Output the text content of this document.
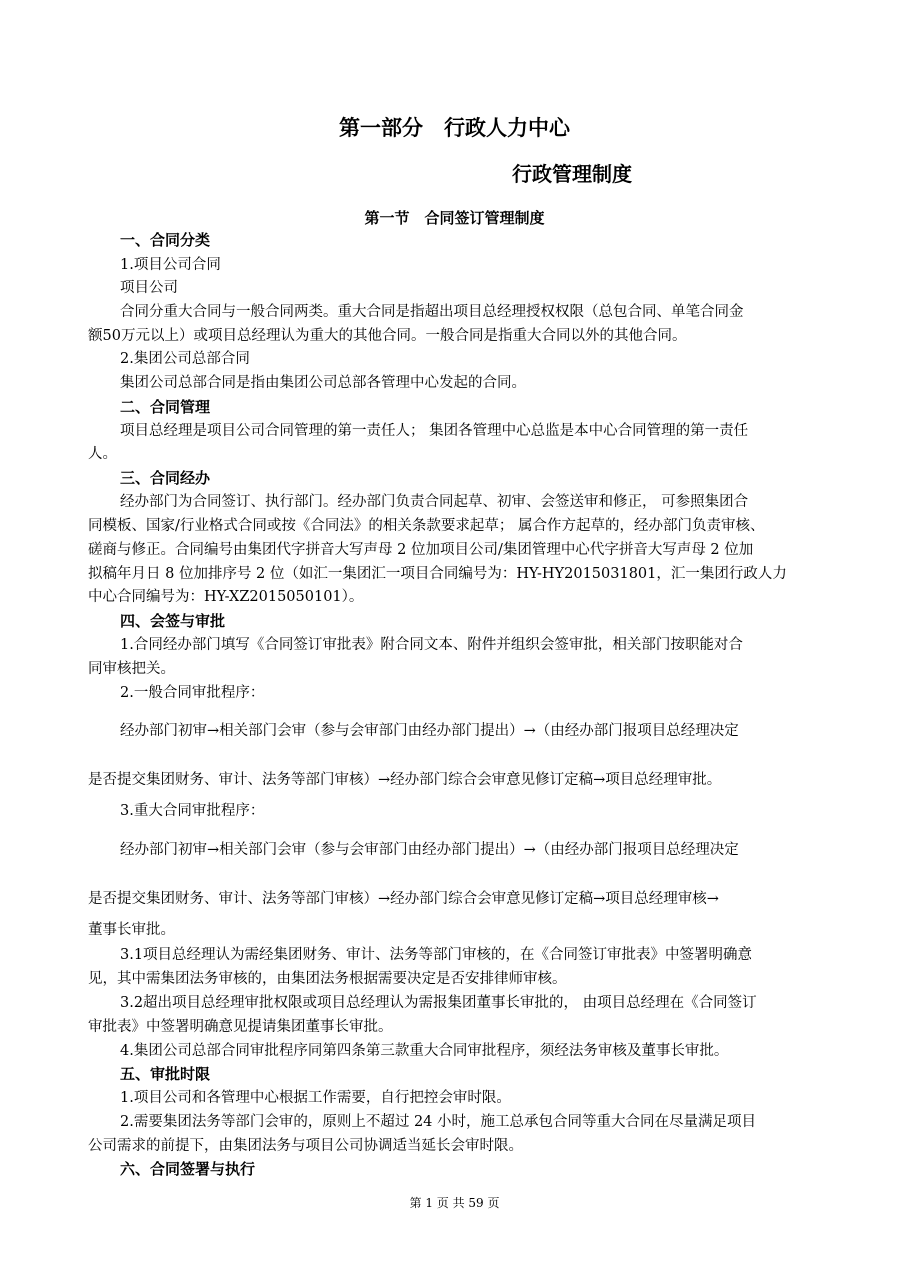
第一部分　行政人力中心
行政管理制度
第一节　合同签订管理制度
一、合同分类
1.项目公司合同
项目公司
合同分重大合同与一般合同两类。重大合同是指超出项目总经理授权权限（总包合同、单笔合同金
额50万元以上）或项目总经理认为重大的其他合同。一般合同是指重大合同以外的其他合同。
2.集团公司总部合同
集团公司总部合同是指由集团公司总部各管理中心发起的合同。
二、合同管理
项目总经理是项目公司合同管理的第一责任人； 集团各管理中心总监是本中心合同管理的第一责任
人。
三、合同经办
经办部门为合同签订、执行部门。经办部门负责合同起草、初审、会签送审和修正， 可参照集团合
同模板、国家/行业格式合同或按《合同法》的相关条款要求起草； 属合作方起草的，经办部门负责审核、
磋商与修正。合同编号由集团代字拼音大写声母 2 位加项目公司/集团管理中心代字拼音大写声母 2 位加
拟稿年月日 8 位加排序号 2 位（如汇一集团汇一项目合同编号为：HY-HY2015031801，汇一集团行政人力
中心合同编号为：HY-XZ2015050101）。
四、会签与审批
1.合同经办部门填写《合同签订审批表》附合同文本、附件并组织会签审批，相关部门按职能对合
同审核把关。
2.一般合同审批程序：
经办部门初审→相关部门会审（参与会审部门由经办部门提出）→（由经办部门报项目总经理决定
是否提交集团财务、审计、法务等部门审核）→经办部门综合会审意见修订定稿→项目总经理审批。
3.重大合同审批程序：
经办部门初审→相关部门会审（参与会审部门由经办部门提出）→（由经办部门报项目总经理决定
是否提交集团财务、审计、法务等部门审核）→经办部门综合会审意见修订定稿→项目总经理审核→
董事长审批。
3.1项目总经理认为需经集团财务、审计、法务等部门审核的，在《合同签订审批表》中签署明确意
见，其中需集团法务审核的，由集团法务根据需要决定是否安排律师审核。
3.2超出项目总经理审批权限或项目总经理认为需报集团董事长审批的， 由项目总经理在《合同签订
审批表》中签署明确意见提请集团董事长审批。
4.集团公司总部合同审批程序同第四条第三款重大合同审批程序，须经法务审核及董事长审批。
五、审批时限
1.项目公司和各管理中心根据工作需要，自行把控会审时限。
2.需要集团法务等部门会审的，原则上不超过 24 小时，施工总承包合同等重大合同在尽量满足项目
公司需求的前提下，由集团法务与项目公司协调适当延长会审时限。
六、合同签署与执行
第 1 页 共 59 页
